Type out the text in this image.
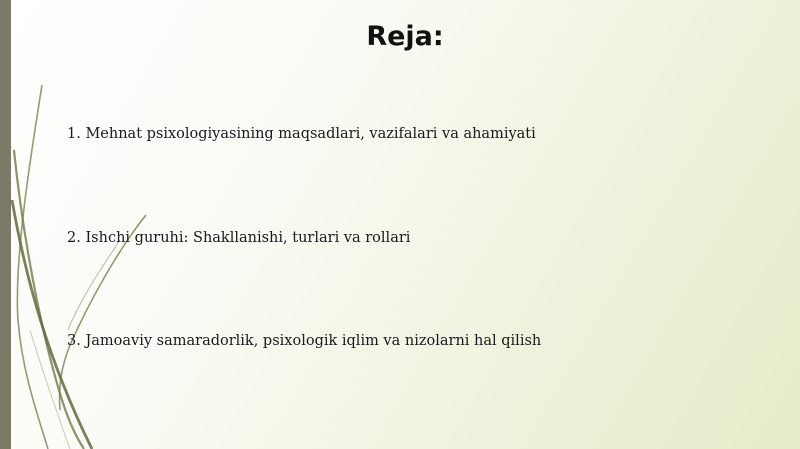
Reja:
1. Mehnat psixologiyasining maqsadlari, vazifalari va ahamiyati
2. Ishchi guruhi: Shakllanishi, turlari va rollari
3. Jamoaviy samaradorlik, psixologik iqlim va nizolarni hal qilish
